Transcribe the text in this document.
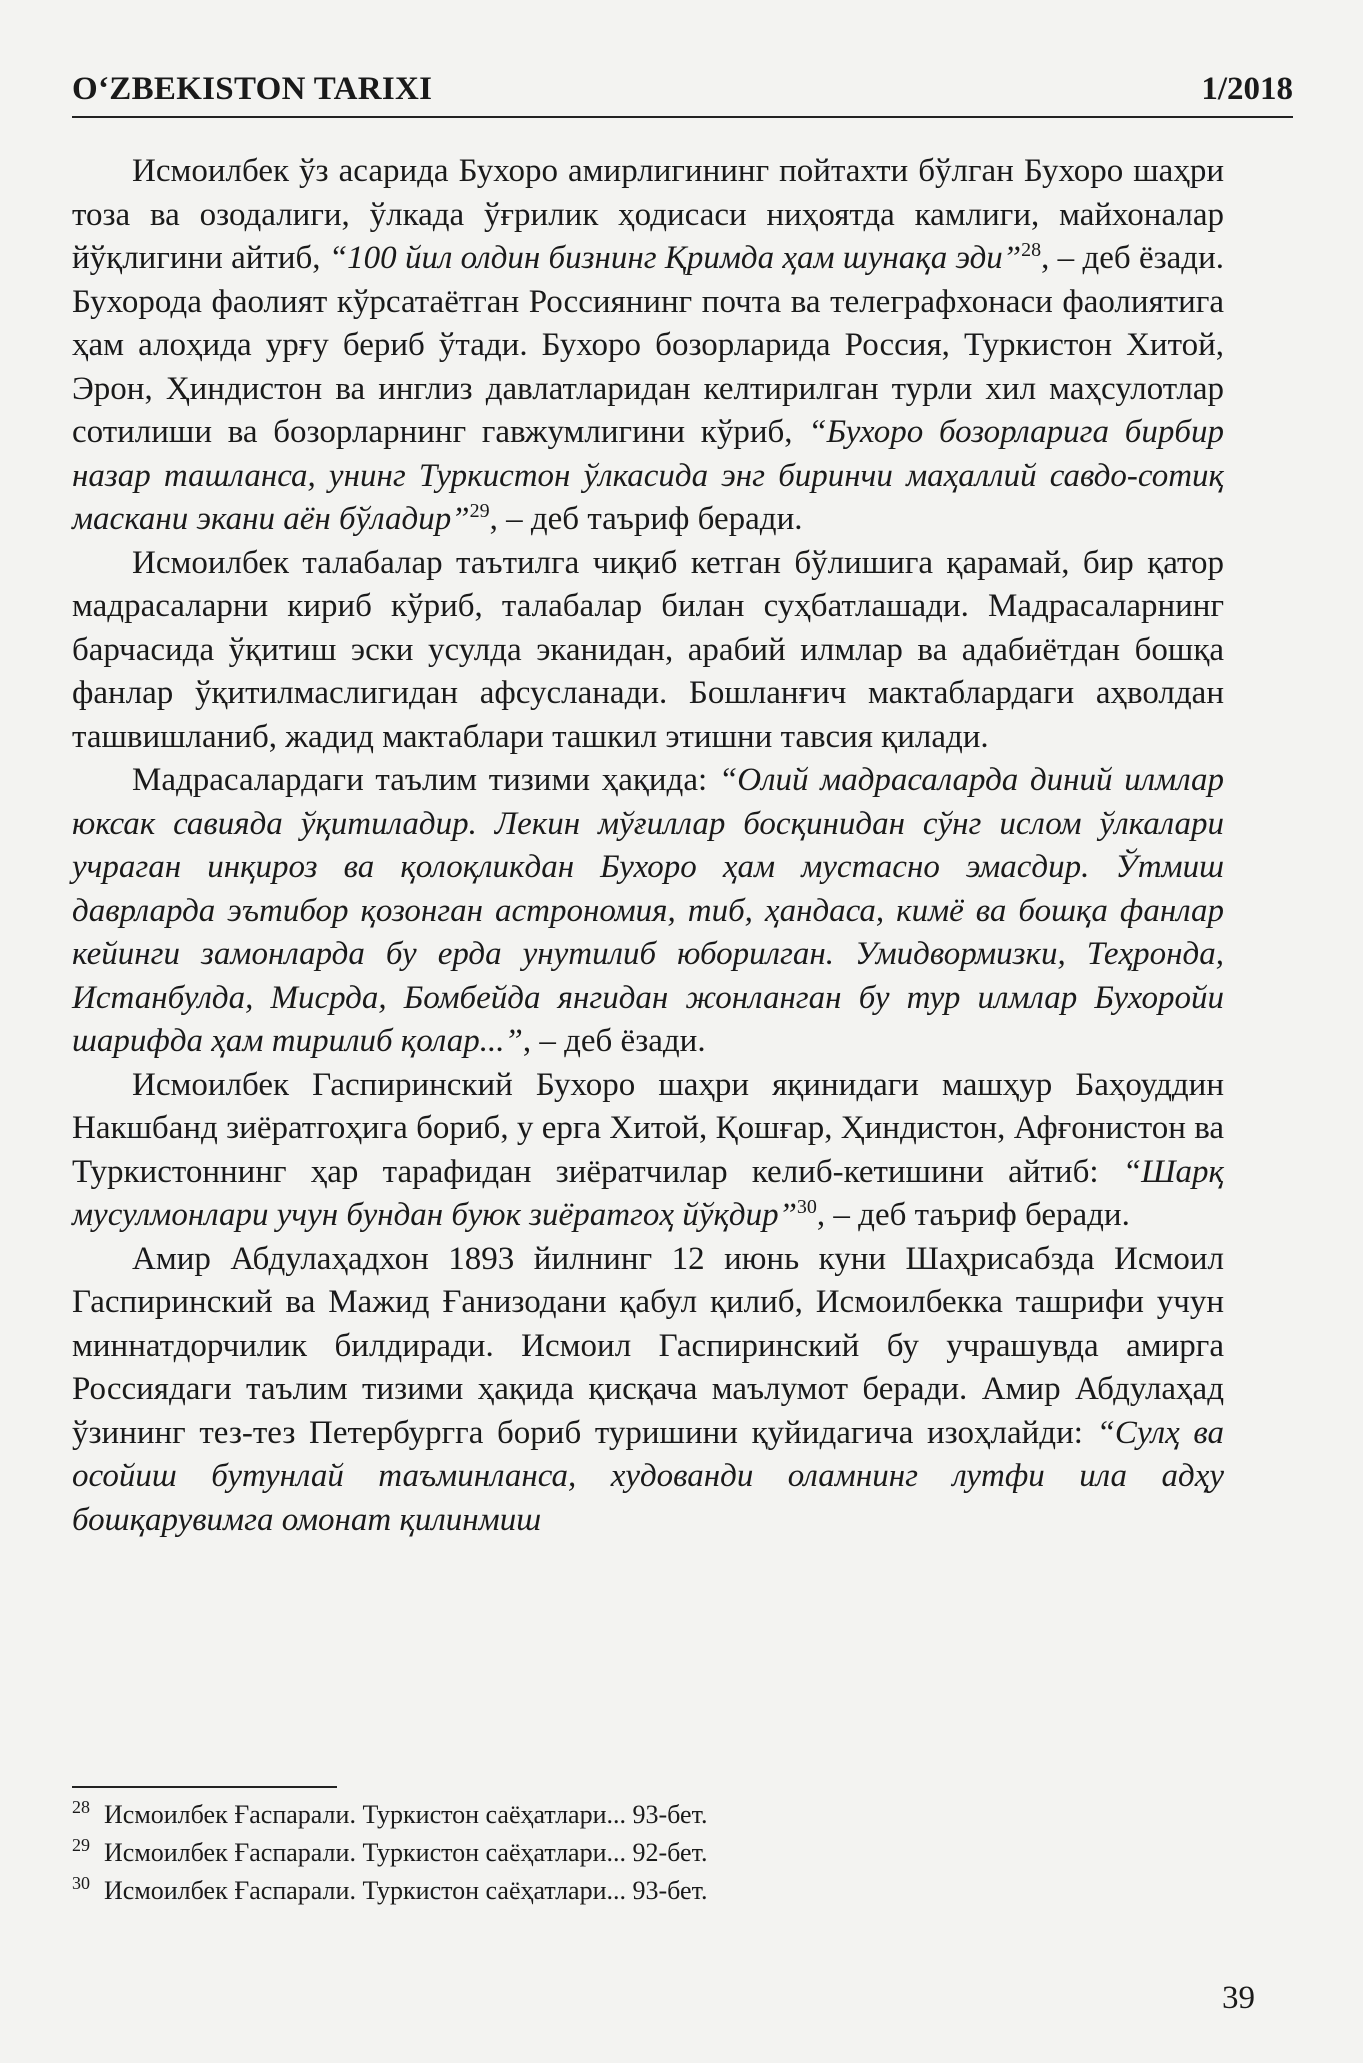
O‘ZBEKISTON TARIXI	1/2018

Исмоилбек ўз асарида Бухоро амирлигининг пойтахти бўлган Бухоро шаҳри тоза ва озодалиги, ўлкада ўғрилик ҳодисаси ниҳоятда камлиги, майхоналар йўқлигини айтиб, “100 йил олдин бизнинг Қримда ҳам шунақа эди”$^{28}$, – деб ёзади. Бухорода фаолият кўрсатаётган Россиянинг почта ва телеграфхонаси фаолиятига ҳам алоҳида урғу бериб ўтади. Бухоро бозорларида Россия, Туркистон Хитой, Эрон, Ҳиндистон ва инглиз давлатларидан келтирилган турли хил маҳсулотлар сотилиши ва бозорларнинг гавжумлигини кўриб, “Бухоро бозорларига бирбир назар ташланса, унинг Туркистон ўлкасида энг биринчи маҳаллий савдо-сотиқ маскани экани аён бўладир”$^{29}$, – деб таъриф беради.

Исмоилбек талабалар таътилга чиқиб кетган бўлишига қарамай, бир қатор мадрасаларни кириб кўриб, талабалар билан суҳбатлашади. Мадрасаларнинг барчасида ўқитиш эски усулда эканидан, арабий илмлар ва адабиётдан бошқа фанлар ўқитилмаслигидан афсусланади. Бошланғич мактаблардаги аҳволдан ташвишланиб, жадид мактаблари ташкил этишни тавсия қилади.

Мадрасалардаги таълим тизими ҳақида: “Олий мадрасаларда диний илмлар юксак савияда ўқитиладир. Лекин мўғиллар босқинидан сўнг ислом ўлкалари учраган инқироз ва қолоқликдан Бухоро ҳам мустасно эмасдир. Ўтмиш даврларда эътибор қозонган астрономия, тиб, ҳандаса, кимё ва бошқа фанлар кейинги замонларда бу ерда унутилиб юборилган. Умидвормизки, Теҳронда, Истанбулда, Мисрда, Бомбейда янгидан жонланган бу тур илмлар Бухоройи шарифда ҳам тирилиб қолар...”, – деб ёзади.

Исмоилбек Гаспиринский Бухоро шаҳри яқинидаги машҳур Баҳоуддин Накшбанд зиёратгоҳига бориб, у ерга Хитой, Қошғар, Ҳиндистон, Афғонистон ва Туркистоннинг ҳар тарафидан зиёратчилар келиб-кетишини айтиб: “Шарқ мусулмонлари учун бундан буюк зиёратгоҳ йўқдир”$^{30}$, – деб таъриф беради.

Амир Абдулаҳадхон 1893 йилнинг 12 июнь куни Шаҳрисабзда Исмоил Гаспиринский ва Мажид Ғанизодани қабул қилиб, Исмоилбекка ташрифи учун миннатдорчилик билдиради. Исмоил Гаспиринский бу учрашувда амирга Россиядаги таълим тизими ҳақида қисқача маълумот беради. Амир Абдулаҳад ўзининг тез-тез Петербургга бориб туришини қуйидагича изоҳлайди: “Сулҳ ва осойиш бутунлай таъминланса, худованди оламнинг лутфи ила адҳу бошқарувимга омонат қилинмиш

$^{28}$ Исмоилбек Ғаспарали. Туркистон саёҳатлари... 93-бет.

$^{29}$ Исмоилбек Ғаспарали. Туркистон саёҳатлари... 92-бет.

$^{30}$ Исмоилбек Ғаспарали. Туркистон саёҳатлари... 93-бет.

39
